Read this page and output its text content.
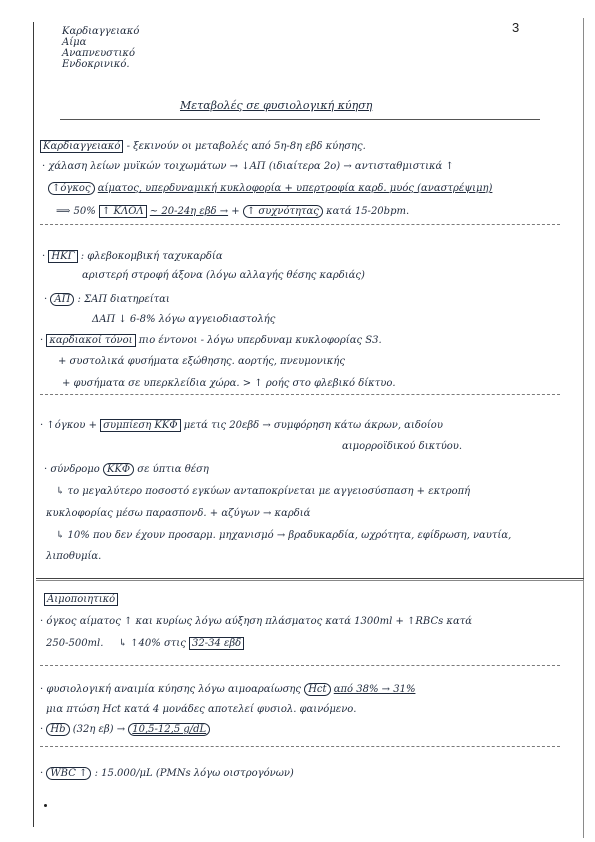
3
Καρδιαγγειακό
Αίμα
Αναπνευστικό
Ενδοκρινικό.
Μεταβολές σε φυσιολογική κύηση
Καρδιαγγειακό - ξεκινούν οι μεταβολές από 5η-8η εβδ κύησης.
· χάλαση λείων μυϊκών τοιχωμάτων → ↓ΑΠ (ιδιαίτερα 2ο) → αντισταθμιστικά ↑
↑όγκος αίματος, υπερδυναμική κυκλοφορία + υπερτροφία καρδ. μυός (αναστρέψιμη)
⟹ 50% ↑ ΚΛΟΛ ~ 20-24η εβδ → + ↑ συχνότητας κατά 15-20bpm.
· ΗΚΓ : φλεβοκομβική ταχυκαρδία
αριστερή στροφή άξονα (λόγω αλλαγής θέσης καρδιάς)
· ΑΠ : ΣΑΠ διατηρείται
ΔΑΠ ↓ 6-8% λόγω αγγειοδιαστολής
· καρδιακοί τόνοι πιο έντονοι - λόγω υπερδυναμ κυκλοφορίας S3.
+ συστολικά φυσήματα εξώθησης. αορτής, πνευμονικής
+ φυσήματα σε υπερκλείδια χώρα. > ↑ ροής στο φλεβικό δίκτυο.
· ↑όγκου + συμπίεση ΚΚΦ μετά τις 20εβδ → συμφόρηση κάτω άκρων, αιδοίου
αιμορροϊδικού δικτύου.
· σύνδρομο ΚΚΦ σε ύπτια θέση
↳ το μεγαλύτερο ποσοστό εγκύων ανταποκρίνεται με αγγειοσύσπαση + εκτροπή
κυκλοφορίας μέσω παρασπονδ. + αζύγων → καρδιά
↳ 10% που δεν έχουν προσαρμ. μηχανισμό → βραδυκαρδία, ωχρότητα, εφίδρωση, ναυτία,
λιποθυμία.
Αιμοποιητικό
· όγκος αίματος ↑ και κυρίως λόγω αύξηση πλάσματος κατά 1300ml + ↑RBCs κατά
250-500ml. ↳ ↑40% στις 32-34 εβδ
· φυσιολογική αναιμία κύησης λόγω αιμοαραίωσης Hct από 38% → 31%
μια πτώση Hct κατά 4 μονάδες αποτελεί φυσιολ. φαινόμενο.
· Hb (32η εβ) → 10,5-12,5 g/dL
· WBC ↑ : 15.000/μL (PMNs λόγω οιστρογόνων)
